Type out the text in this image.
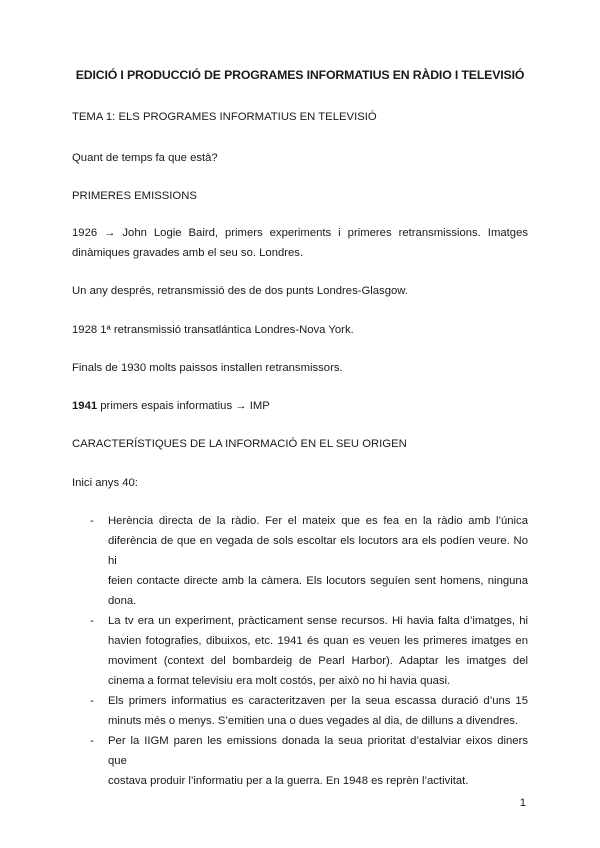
EDICIÓ I PRODUCCIÓ DE PROGRAMES INFORMATIUS EN RÀDIO I TELEVISIÓ

TEMA 1: ELS PROGRAMES INFORMATIUS EN TELEVISIÓ

Quant de temps fa que està?

PRIMERES EMISSIONS

1926 → John Logie Baird, primers experiments i primeres retransmissions. Imatges
dinàmiques gravades amb el seu so. Londres.

Un any després, retransmissió des de dos punts Londres-Glasgow.

1928 1ª retransmissió transatlántica Londres-Nova York.

Finals de 1930 molts paissos installen retransmissors.

1941 primers espais informatius → IMP

CARACTERÍSTIQUES DE LA INFORMACIÓ EN EL SEU ORIGEN

Inici anys 40:

- Herència directa de la ràdio. Fer el mateix que es fea en la ràdio amb l’única
diferència de que en vegada de sols escoltar els locutors ara els podíen veure. No hi
feien contacte directe amb la càmera. Els locutors seguíen sent homens, ninguna
dona.
- La tv era un experiment, pràcticament sense recursos. Hi havia falta d’imatges, hi
havien fotografies, dibuixos, etc. 1941 és quan es veuen les primeres imatges en
moviment (context del bombardeig de Pearl Harbor). Adaptar les imatges del
cinema a format televisiu era molt costós, per això no hi havia quasi.
- Els primers informatius es caracteritzaven per la seua escassa duració d’uns 15
minuts més o menys. S’emitien una o dues vegades al dia, de dilluns a divendres.
- Per la IIGM paren les emissions donada la seua prioritat d’estalviar eixos diners que
costava produir l’informatiu per a la guerra. En 1948 es reprèn l’activitat.
1
